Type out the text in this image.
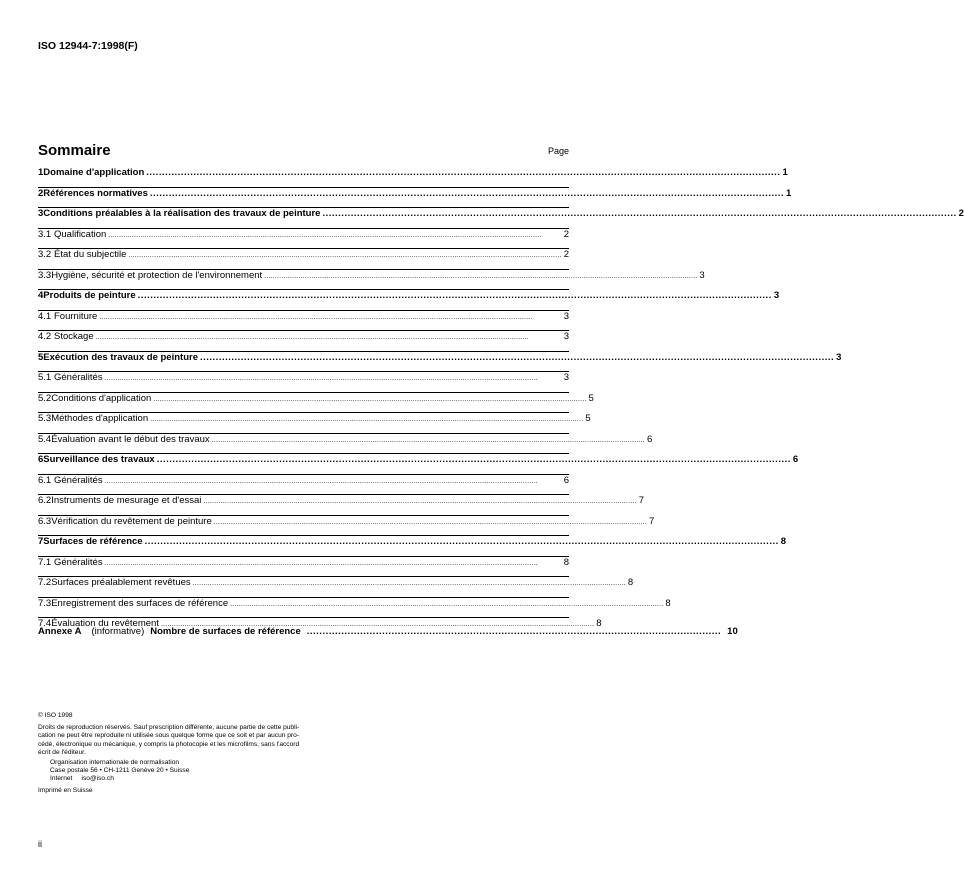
ISO 12944-7:1998(F)
Sommaire	Page
1 Domaine d'application .......................................................................................................................................................................................................... 1
2 Références normatives .......................................................................................................................................................................................................... 1
3 Conditions préalables à la réalisation des travaux de peinture .......................................................................................................................................................................................................... 2
3.1 Qualification ..........................................................................................................................................................................................................	2
3.2 État du subjectile .......................................................................................................................................................................................................... 2
3.3 Hygiène, sécurité et protection de l'environnement .......................................................................................................................................................................................................... 3
4 Produits de peinture .......................................................................................................................................................................................................... 3
4.1 Fourniture ..........................................................................................................................................................................................................	3
4.2 Stockage ..........................................................................................................................................................................................................	3
5 Exécution des travaux de peinture .......................................................................................................................................................................................................... 3
5.1 Généralités ..........................................................................................................................................................................................................	3
5.2 Conditions d'application .......................................................................................................................................................................................................... 5
5.3 Méthodes d'application .......................................................................................................................................................................................................... 5
5.4 Évaluation avant le début des travaux .......................................................................................................................................................................................................... 6
6 Surveillance des travaux .......................................................................................................................................................................................................... 6
6.1 Généralités ..........................................................................................................................................................................................................	6
6.2 Instruments de mesurage et d'essai .......................................................................................................................................................................................................... 7
6.3 Vérification du revêtement de peinture .......................................................................................................................................................................................................... 7
7 Surfaces de référence .......................................................................................................................................................................................................... 8
7.1 Généralités ..........................................................................................................................................................................................................	8
7.2 Surfaces préalablement revêtues .......................................................................................................................................................................................................... 8
7.3 Enregistrement des surfaces de référence .......................................................................................................................................................................................................... 8
7.4 Évaluation du revêtement .......................................................................................................................................................................................................... 8
Annexe A (informative) Nombre de surfaces de référence .................................................................................................................................... 10

© ISO 1998

Droits de reproduction réservés. Sauf prescription différente, aucune partie de cette publi-

cation ne peut être reproduite ni utilisée sous quelque forme que ce soit et par aucun pro-

cédé, électronique ou mécanique, y compris la photocopie et les microfilms, sans l'accord

écrit de l'éditeur.

Organisation internationale de normalisation

Case postale 56 • CH-1211 Genève 20 • Suisse

Internet     iso@iso.ch

Imprimé en Suisse

ii
